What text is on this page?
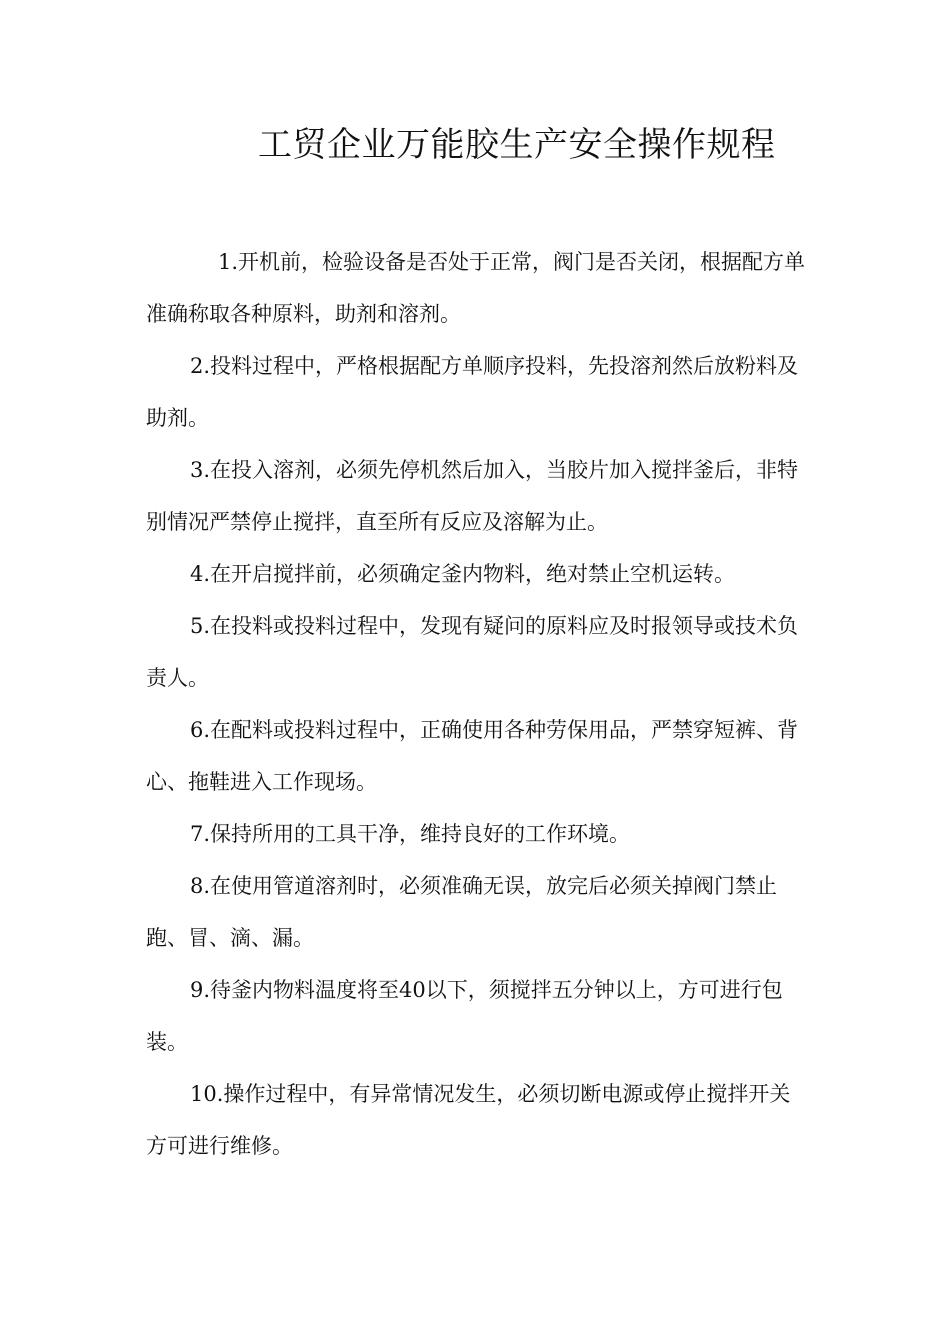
工贸企业万能胶生产安全操作规程

1.开机前，检验设备是否处于正常，阀门是否关闭，根据配方单准确称取各种原料，助剂和溶剂。

2.投料过程中，严格根据配方单顺序投料，先投溶剂然后放粉料及助剂。

3.在投入溶剂，必须先停机然后加入，当胶片加入搅拌釜后，非特别情况严禁停止搅拌，直至所有反应及溶解为止。

4.在开启搅拌前，必须确定釜内物料，绝对禁止空机运转。

5.在投料或投料过程中，发现有疑问的原料应及时报领导或技术负责人。

6.在配料或投料过程中，正确使用各种劳保用品，严禁穿短裤、背心、拖鞋进入工作现场。

7.保持所用的工具干净，维持良好的工作环境。

8.在使用管道溶剂时，必须准确无误，放完后必须关掉阀门禁止跑、冒、滴、漏。

9.待釜内物料温度将至40以下，须搅拌五分钟以上，方可进行包装。

10.操作过程中，有异常情况发生，必须切断电源或停止搅拌开关方可进行维修。
